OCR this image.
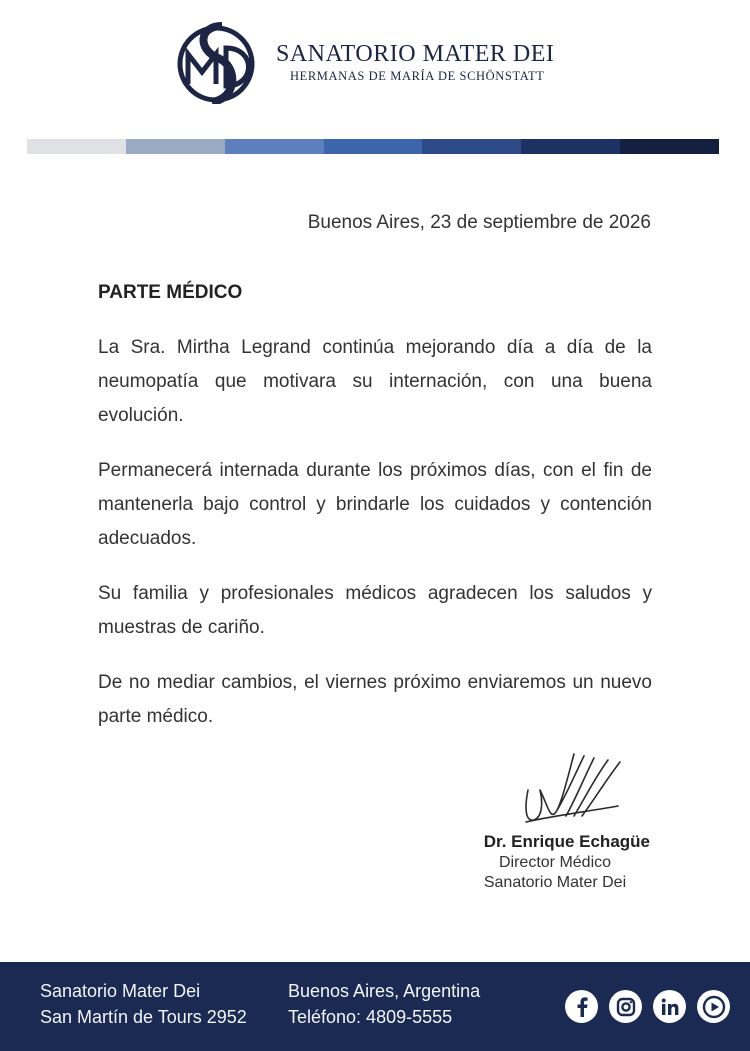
SANATORIO MATER DEI
HERMANAS DE MARÍA DE SCHÖNSTATT
Buenos Aires, 23 de septiembre de 2026
PARTE MÉDICO
La Sra. Mirtha Legrand continúa mejorando día a día de la neumopatía que motivara su internación, con una buena evolución.
Permanecerá internada durante los próximos días, con el fin de mantenerla bajo control y brindarle los cuidados y contención adecuados.
Su familia y profesionales médicos agradecen los saludos y muestras de cariño.
De no mediar cambios, el viernes próximo enviaremos un nuevo parte médico.
Dr. Enrique Echagüe
Director Médico
Sanatorio Mater Dei
Sanatorio Mater Dei
San Martín de Tours 2952
Buenos Aires, Argentina
Teléfono: 4809-5555
